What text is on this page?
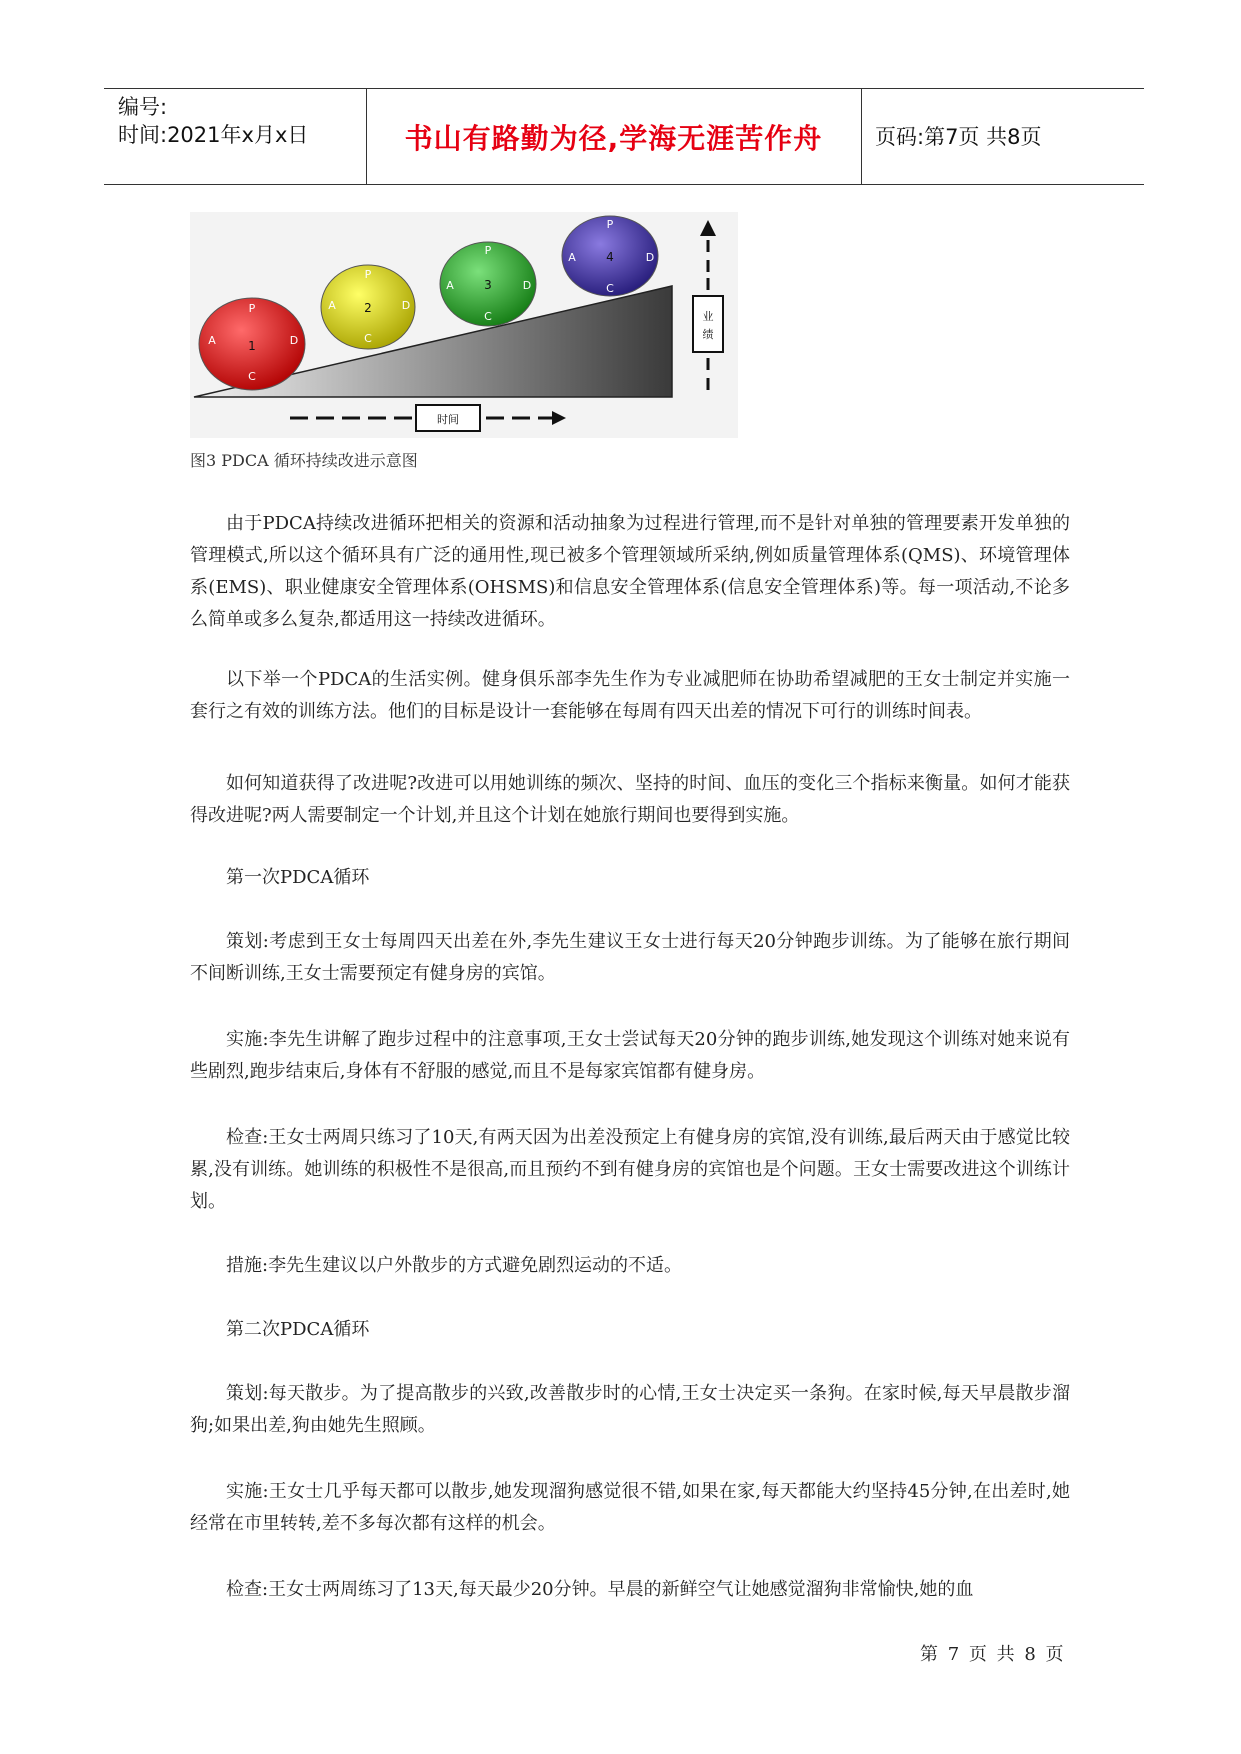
编号:
时间:2021年x月x日	书山有路勤为径,学海无涯苦作舟	页码:第7页 共8页
1
P
D
C
A
2
P
D
C
A
3
P
D
C
A
4
P
D
C
A
业
绩
时间
图3 PDCA 循环持续改进示意图

由于PDCA持续改进循环把相关的资源和活动抽象为过程进行管理,而不是针对单独的管理要素开发单独的管理模式,所以这个循环具有广泛的通用性,现已被多个管理领域所采纳,例如质量管理体系(QMS)、环境管理体系(EMS)、职业健康安全管理体系(OHSMS)和信息安全管理体系(信息安全管理体系)等。每一项活动,不论多么简单或多么复杂,都适用这一持续改进循环。

以下举一个PDCA的生活实例。健身俱乐部李先生作为专业减肥师在协助希望减肥的王女士制定并实施一套行之有效的训练方法。他们的目标是设计一套能够在每周有四天出差的情况下可行的训练时间表。

如何知道获得了改进呢?改进可以用她训练的频次、坚持的时间、血压的变化三个指标来衡量。如何才能获得改进呢?两人需要制定一个计划,并且这个计划在她旅行期间也要得到实施。

第一次PDCA循环

策划:考虑到王女士每周四天出差在外,李先生建议王女士进行每天20分钟跑步训练。为了能够在旅行期间不间断训练,王女士需要预定有健身房的宾馆。

实施:李先生讲解了跑步过程中的注意事项,王女士尝试每天20分钟的跑步训练,她发现这个训练对她来说有些剧烈,跑步结束后,身体有不舒服的感觉,而且不是每家宾馆都有健身房。

检查:王女士两周只练习了10天,有两天因为出差没预定上有健身房的宾馆,没有训练,最后两天由于感觉比较累,没有训练。她训练的积极性不是很高,而且预约不到有健身房的宾馆也是个问题。王女士需要改进这个训练计划。

措施:李先生建议以户外散步的方式避免剧烈运动的不适。

第二次PDCA循环

策划:每天散步。为了提高散步的兴致,改善散步时的心情,王女士决定买一条狗。在家时候,每天早晨散步溜狗;如果出差,狗由她先生照顾。

实施:王女士几乎每天都可以散步,她发现溜狗感觉很不错,如果在家,每天都能大约坚持45分钟,在出差时,她经常在市里转转,差不多每次都有这样的机会。

检查:王女士两周练习了13天,每天最少20分钟。早晨的新鲜空气让她感觉溜狗非常愉快,她的血

第 7 页 共 8 页
